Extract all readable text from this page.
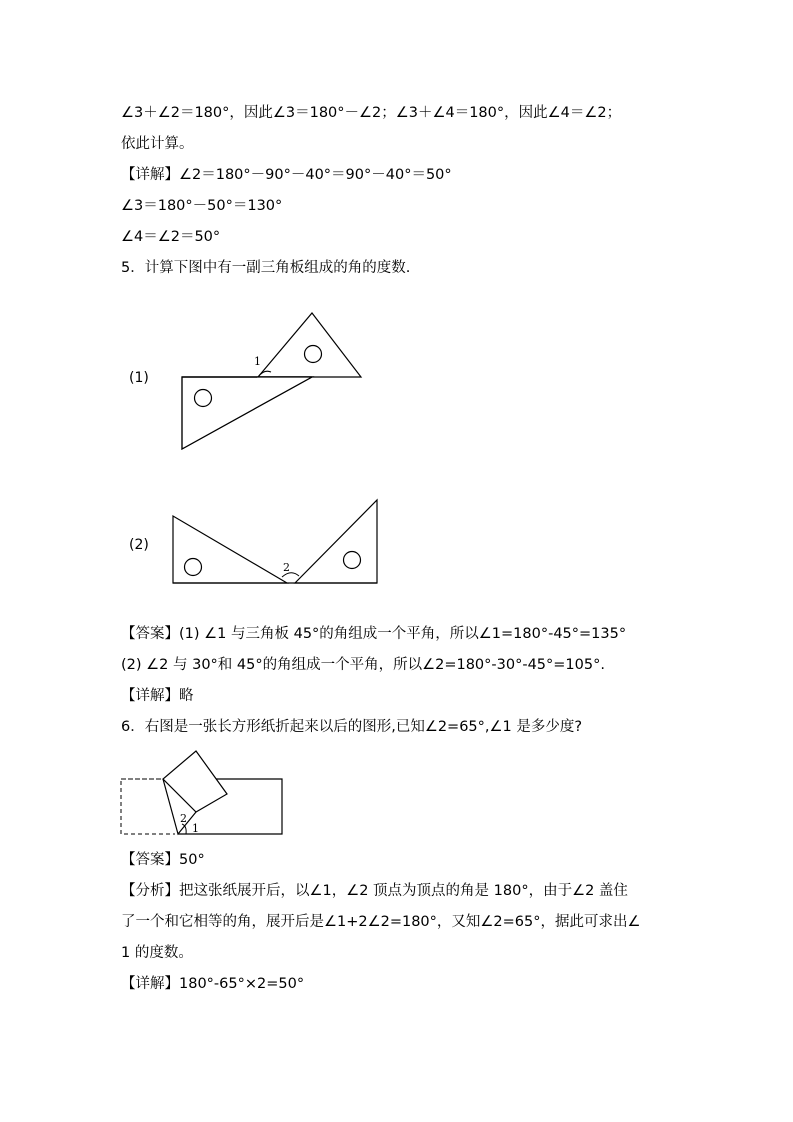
∠3＋∠2＝180°，因此∠3＝180°－∠2；∠3＋∠4＝180°，因此∠4＝∠2；
依此计算。
【详解】∠2＝180°－90°－40°＝90°－40°＝50°
∠3＝180°－50°＝130°
∠4＝∠2＝50°
5．计算下图中有一副三角板组成的角的度数.
(1)
1
(2)
2
【答案】(1) ∠1 与三角板 45°的角组成一个平角，所以∠1=180°-45°=135°
(2) ∠2 与 30°和 45°的角组成一个平角，所以∠2=180°-30°-45°=105°.
【详解】略
6．右图是一张长方形纸折起来以后的图形,已知∠2=65°,∠1 是多少度?
2
1
【答案】50°
【分析】把这张纸展开后，以∠1，∠2 顶点为顶点的角是 180°，由于∠2 盖住
了一个和它相等的角，展开后是∠1+2∠2=180°，又知∠2=65°，据此可求出∠
1 的度数。
【详解】180°-65°×2=50°
